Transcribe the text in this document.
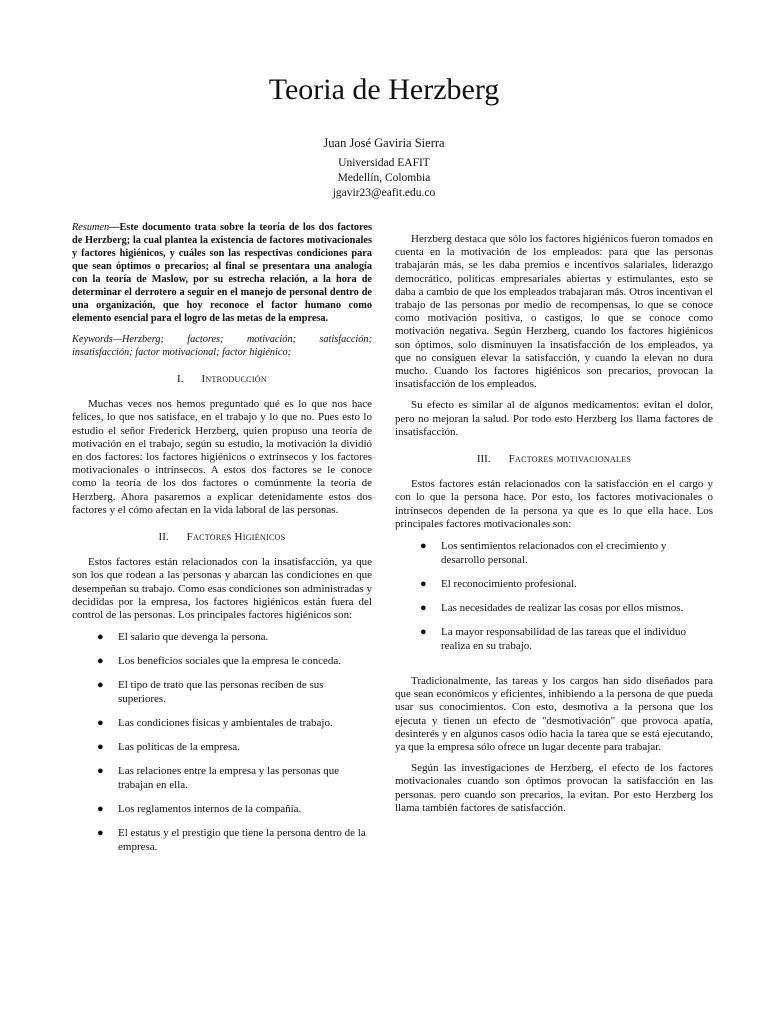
Teoria de Herzberg
Juan José Gaviria Sierra
Universidad EAFIT
Medellín, Colombia
jgavir23@eafit.edu.co

Resumen—Este documento trata sobre la teoría de los dos factores de Herzberg; la cual plantea la existencia de factores motivacionales y factores higiénicos, y cuáles son las respectivas condiciones para que sean óptimos o precarios; al final se presentara una analogía con la teoría de Maslow, por su estrecha relación, a la hora de determinar el derrotero a seguir en el manejo de personal dentro de una organización, que hoy reconoce el factor humano como elemento esencial para el logro de las metas de la empresa.

Keywords—Herzberg; factores; motivación; satisfacción; insatisfacción; factor motivacional; factor higiénico;

I. Introducción

Muchas veces nos hemos preguntado qué es lo que nos hace felices, lo que nos satisface, en el trabajo y lo que no. Pues esto lo estudio el señor Frederick Herzberg, quien propuso una teoría de motivación en el trabajo, según su estudio, la motivación la dividió en dos factores: los factores higiénicos o extrínsecos y los factores motivacionales o intrínsecos. A estos dos factores se le conoce como la teoría de los dos factores o comúnmente la teoría de Herzberg. Ahora pasaremos a explicar detenidamente estos dos factores y el cómo afectan en la vida laboral de las personas.

II. Factores Higiénicos

Estos factores están relacionados con la insatisfacción, ya que son los que rodean a las personas y abarcan las condiciones en que desempeñan su trabajo. Como esas condiciones son administradas y decididas por la empresa, los factores higiénicos están fuera del control de las personas. Los principales factores higiénicos son:

● El salario que devenga la persona.
● Los beneficios sociales que la empresa le conceda.
● El tipo de trato que las personas reciben de sus superiores.
● Las condiciones físicas y ambientales de trabajo.
● Las políticas de la empresa.
● Las relaciones entre la empresa y las personas que trabajan en ella.
● Los reglamentos internos de la compañía.
● El estatus y el prestigio que tiene la persona dentro de la empresa.

Herzberg destaca que sólo los factores higiénicos fueron tomados en cuenta en la motivación de los empleados: para que las personas trabajarán más, se les daba premios e incentivos salariales, liderazgo democrático, políticas empresariales abiertas y estimulantes, esto se daba a cambio de que los empleados trabajaran más. Otros incentivan el trabajo de las personas por medio de recompensas, lo que se conoce como motivación positiva, o castigos, lo que se conoce como motivación negativa. Según Herzberg, cuando los factores higiénicos son óptimos, solo disminuyen la insatisfacción de los empleados, ya que no consiguen elevar la satisfacción, y cuando la elevan no dura mucho. Cuando los factores higiénicos son precarios, provocan la insatisfacción de los empleados.

Su efecto es similar al de algunos medicamentos: evitan el dolor, pero no mejoran la salud. Por todo esto Herzberg los llama factores de insatisfacción.

III. Factores motivacionales

Estos factores están relacionados con la satisfacción en el cargo y con lo que la persona hace. Por esto, los factores motivacionales o intrínsecos dependen de la persona ya que es lo que ella hace. Los principales factores motivacionales son:

● Los sentimientos relacionados con el crecimiento y desarrollo personal.
● El reconocimiento profesional.
● Las necesidades de realizar las cosas por ellos mismos.
● La mayor responsabilidad de las tareas que el individuo realiza en su trabajo.

Tradicionalmente, las tareas y los cargos han sido diseñados para que sean económicos y eficientes, inhibiendo a la persona de que pueda usar sus conocimientos. Con esto, desmotiva a la persona que los ejecuta y tienen un efecto de "desmotivación" que provoca apatía, desinterés y en algunos casos odio hacia la tarea que se está ejecutando, ya que la empresa sólo ofrece un lugar decente para trabajar.

Según las investigaciones de Herzberg, el efecto de los factores motivacionales cuando son óptimos provocan la satisfacción en las personas. pero cuando son precarios, la evitan. Por esto Herzberg los llama también factores de satisfacción.
